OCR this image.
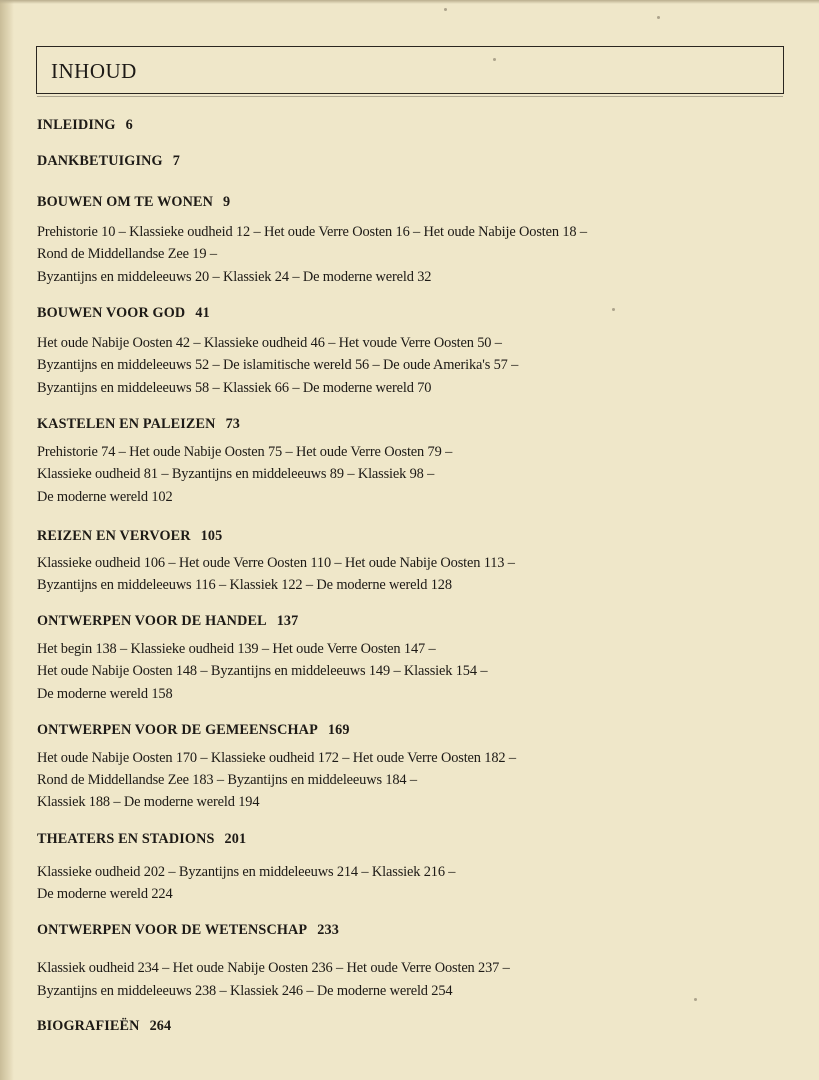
INHOUD
INLEIDING 6
DANKBETUIGING 7
BOUWEN OM TE WONEN 9
Prehistorie 10 – Klassieke oudheid 12 – Het oude Verre Oosten 16 – Het oude Nabije Oosten 18 –
Rond de Middellandse Zee 19 –
Byzantijns en middeleeuws 20 – Klassiek 24 – De moderne wereld 32
BOUWEN VOOR GOD 41
Het oude Nabije Oosten 42 – Klassieke oudheid 46 – Het voude Verre Oosten 50 –
Byzantijns en middeleeuws 52 – De islamitische wereld 56 – De oude Amerika's 57 –
Byzantijns en middeleeuws 58 – Klassiek 66 – De moderne wereld 70
KASTELEN EN PALEIZEN 73
Prehistorie 74 – Het oude Nabije Oosten 75 – Het oude Verre Oosten 79 –
Klassieke oudheid 81 – Byzantijns en middeleeuws 89 – Klassiek 98 –
De moderne wereld 102
REIZEN EN VERVOER 105
Klassieke oudheid 106 – Het oude Verre Oosten 110 – Het oude Nabije Oosten 113 –
Byzantijns en middeleeuws 116 – Klassiek 122 – De moderne wereld 128
ONTWERPEN VOOR DE HANDEL 137
Het begin 138 – Klassieke oudheid 139 – Het oude Verre Oosten 147 –
Het oude Nabije Oosten 148 – Byzantijns en middeleeuws 149 – Klassiek 154 –
De moderne wereld 158
ONTWERPEN VOOR DE GEMEENSCHAP 169
Het oude Nabije Oosten 170 – Klassieke oudheid 172 – Het oude Verre Oosten 182 –
Rond de Middellandse Zee 183 – Byzantijns en middeleeuws 184 –
Klassiek 188 – De moderne wereld 194
THEATERS EN STADIONS 201
Klassieke oudheid 202 – Byzantijns en middeleeuws 214 – Klassiek 216 –
De moderne wereld 224
ONTWERPEN VOOR DE WETENSCHAP 233
Klassiek oudheid 234 – Het oude Nabije Oosten 236 – Het oude Verre Oosten 237 –
Byzantijns en middeleeuws 238 – Klassiek 246 – De moderne wereld 254
BIOGRAFIEËN 264
